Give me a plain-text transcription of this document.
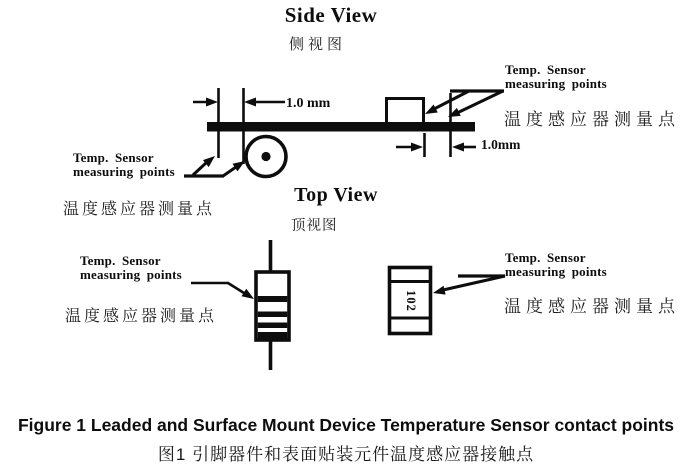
Side View
侧视图
Temp. Sensor
measuring points
温度感应器测量点
1.0 mm
1.0mm
Temp. Sensor
measuring points
温度感应器测量点
Top View
顶视图
Temp. Sensor
measuring points
温度感应器测量点
Temp. Sensor
measuring points
温度感应器测量点
102
Figure 1 Leaded and Surface Mount Device Temperature Sensor contact points
图1 引脚器件和表面贴装元件温度感应器接触点
